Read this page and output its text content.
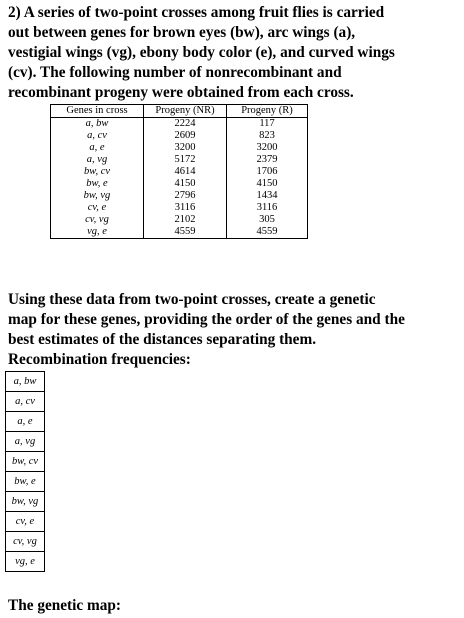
2) A series of two-point crosses among fruit flies is carried
out between genes for brown eyes (bw), arc wings (a),
vestigial wings (vg), ebony body color (e), and curved wings
(cv). The following number of nonrecombinant and
recombinant progeny were obtained from each cross.
Genes in cross	Progeny (NR)	Progeny (R)
a, bw	2224	117
a, cv	2609	823
a, e	3200	3200
a, vg	5172	2379
bw, cv	4614	1706
bw, e	4150	4150
bw, vg	2796	1434
cv, e	3116	3116
cv, vg	2102	305
vg, e	4559	4559
Using these data from two-point crosses, create a genetic
map for these genes, providing the order of the genes and the
best estimates of the distances separating them.
Recombination frequencies:
a, bw
a, cv
a, e
a, vg
bw, cv
bw, e
bw, vg
cv, e
cv, vg
vg, e
The genetic map:
